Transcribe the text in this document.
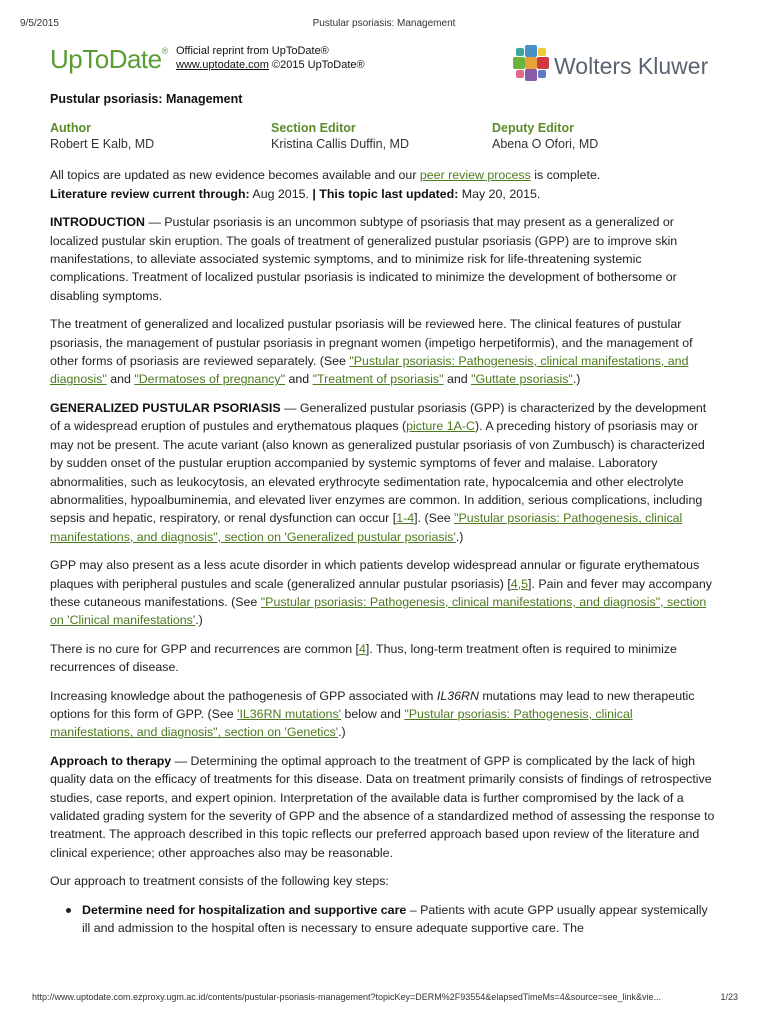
9/5/2015	Pustular psoriasis: Management
UpToDate® Official reprint from UpToDate®
www.uptodate.com ©2015 UpToDate®	Wolters Kluwer
Pustular psoriasis: Management
Author
Robert E Kalb, MD
Section Editor
Kristina Callis Duffin, MD
Deputy Editor
Abena O Ofori, MD

All topics are updated as new evidence becomes available and our peer review process is complete.

Literature review current through: Aug 2015. | This topic last updated: May 20, 2015.

INTRODUCTION — Pustular psoriasis is an uncommon subtype of psoriasis that may present as a generalized or localized pustular skin eruption. The goals of treatment of generalized pustular psoriasis (GPP) are to improve skin manifestations, to alleviate associated systemic symptoms, and to minimize risk for life-threatening systemic complications. Treatment of localized pustular psoriasis is indicated to minimize the development of bothersome or disabling symptoms.

The treatment of generalized and localized pustular psoriasis will be reviewed here. The clinical features of pustular psoriasis, the management of pustular psoriasis in pregnant women (impetigo herpetiformis), and the management of other forms of psoriasis are reviewed separately. (See "Pustular psoriasis: Pathogenesis, clinical manifestations, and diagnosis" and "Dermatoses of pregnancy" and "Treatment of psoriasis" and "Guttate psoriasis".)

GENERALIZED PUSTULAR PSORIASIS — Generalized pustular psoriasis (GPP) is characterized by the development of a widespread eruption of pustules and erythematous plaques (picture 1A-C). A preceding history of psoriasis may or may not be present. The acute variant (also known as generalized pustular psoriasis of von Zumbusch) is characterized by sudden onset of the pustular eruption accompanied by systemic symptoms of fever and malaise. Laboratory abnormalities, such as leukocytosis, an elevated erythrocyte sedimentation rate, hypocalcemia and other electrolyte abnormalities, hypoalbuminemia, and elevated liver enzymes are common. In addition, serious complications, including sepsis and hepatic, respiratory, or renal dysfunction can occur [1-4]. (See "Pustular psoriasis: Pathogenesis, clinical manifestations, and diagnosis", section on 'Generalized pustular psoriasis'.)

GPP may also present as a less acute disorder in which patients develop widespread annular or figurate erythematous plaques with peripheral pustules and scale (generalized annular pustular psoriasis) [4,5]. Pain and fever may accompany these cutaneous manifestations. (See "Pustular psoriasis: Pathogenesis, clinical manifestations, and diagnosis", section on 'Clinical manifestations'.)

There is no cure for GPP and recurrences are common [4]. Thus, long-term treatment often is required to minimize recurrences of disease.

Increasing knowledge about the pathogenesis of GPP associated with IL36RN mutations may lead to new therapeutic options for this form of GPP. (See 'IL36RN mutations' below and "Pustular psoriasis: Pathogenesis, clinical manifestations, and diagnosis", section on 'Genetics'.)

Approach to therapy — Determining the optimal approach to the treatment of GPP is complicated by the lack of high quality data on the efficacy of treatments for this disease. Data on treatment primarily consists of findings of retrospective studies, case reports, and expert opinion. Interpretation of the available data is further compromised by the lack of a validated grading system for the severity of GPP and the absence of a standardized method of assessing the response to treatment. The approach described in this topic reflects our preferred approach based upon review of the literature and clinical experience; other approaches also may be reasonable.

Our approach to treatment consists of the following key steps:

Determine need for hospitalization and supportive care – Patients with acute GPP usually appear systemically ill and admission to the hospital often is necessary to ensure adequate supportive care. The
http://www.uptodate.com.ezproxy.ugm.ac.id/contents/pustular-psoriasis-management?topicKey=DERM%2F93554&elapsedTimeMs=4&source=see_link&vie...	1/23
